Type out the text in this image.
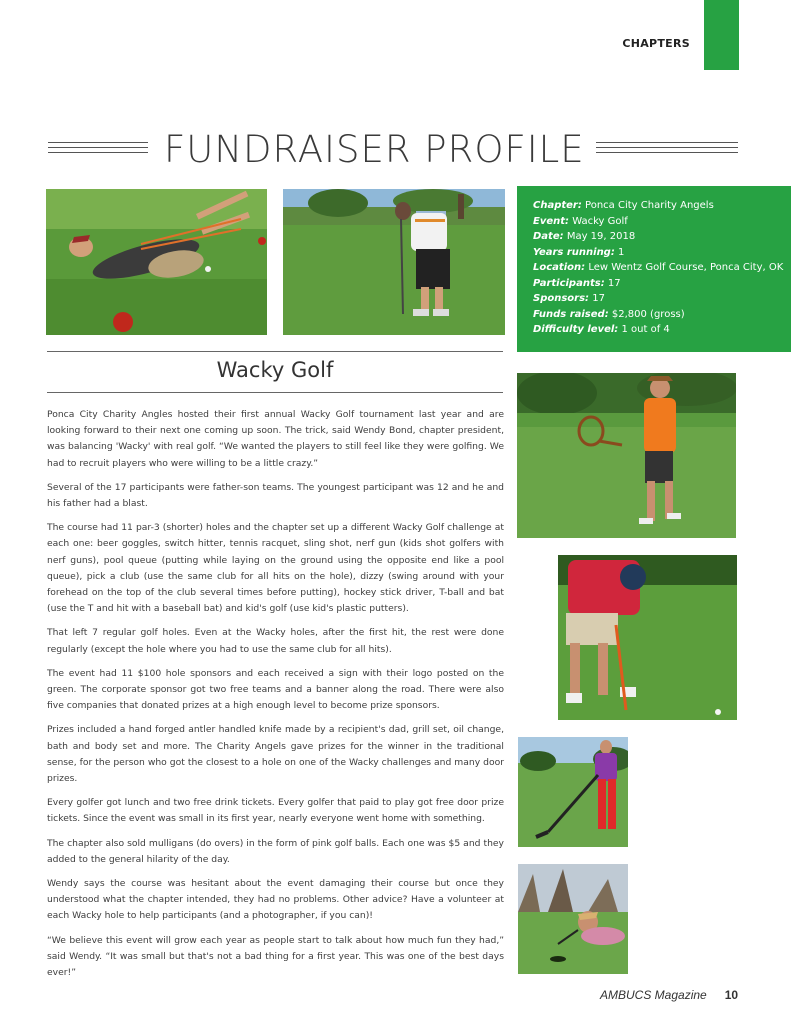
CHAPTERS
FUNDRAISER PROFILE
Chapter: Ponca City Charity Angels
Event: Wacky Golf
Date: May 19, 2018
Years running: 1
Location: Lew Wentz Golf Course, Ponca City, OK
Participants: 17
Sponsors: 17
Funds raised: $2,800 (gross)
Difficulty level: 1 out of 4
Wacky Golf

Ponca City Charity Angles hosted their first annual Wacky Golf tournament last year and are looking forward to their next one coming up soon. The trick, said Wendy Bond, chapter president, was balancing 'Wacky' with real golf. “We wanted the players to still feel like they were golfing. We had to recruit players who were willing to be a little crazy.”

Several of the 17 participants were father-son teams. The youngest participant was 12 and he and his father had a blast.

The course had 11 par-3 (shorter) holes and the chapter set up a different Wacky Golf challenge at each one: beer goggles, switch hitter, tennis racquet, sling shot, nerf gun (kids shot golfers with nerf guns), pool queue (putting while laying on the ground using the opposite end like a pool queue), pick a club (use the same club for all hits on the hole), dizzy (swing around with your forehead on the top of the club several times before putting), hockey stick driver, T-ball and bat (use the T and hit with a baseball bat) and kid's golf (use kid's plastic putters).

That left 7 regular golf holes. Even at the Wacky holes, after the first hit, the rest were done regularly (except the hole where you had to use the same club for all hits).

The event had 11 $100 hole sponsors and each received a sign with their logo posted on the green. The corporate sponsor got two free teams and a banner along the road. There were also five companies that donated prizes at a high enough level to become prize sponsors.

Prizes included a hand forged antler handled knife made by a recipient's dad, grill set, oil change, bath and body set and more. The Charity Angels gave prizes for the winner in the traditional sense, for the person who got the closest to a hole on one of the Wacky challenges and many door prizes.

Every golfer got lunch and two free drink tickets. Every golfer that paid to play got free door prize tickets. Since the event was small in its first year, nearly everyone went home with something.

The chapter also sold mulligans (do overs) in the form of pink golf balls. Each one was $5 and they added to the general hilarity of the day.

Wendy says the course was hesitant about the event damaging their course but once they understood what the chapter intended, they had no problems. Other advice? Have a volunteer at each Wacky hole to help participants (and a photographer, if you can)!

“We believe this event will grow each year as people start to talk about how much fun they had,” said Wendy. “It was small but that's not a bad thing for a first year. This was one of the best days ever!”

AMBUCS Magazine 10
